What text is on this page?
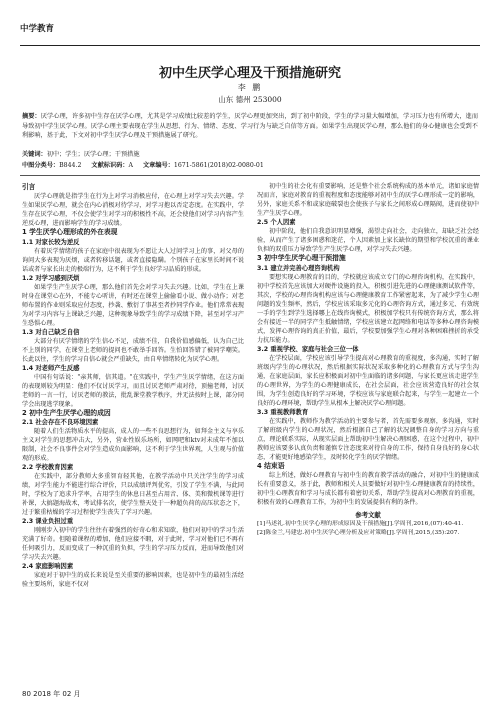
中学教育
初中生厌学心理及干预措施研究
李 鹏
山东 德州 253000
摘要：厌学心理，许多初中生存在厌学心理，尤其是学习成绩比较差的学生，厌学心理更加突出，到了初中阶段，学生的学习量大幅增加，学习压力也有所增大，進而导致初中学生厌学心理。厌学心理主要表现在学生从思想、行为、情绪、态度、学习行为与缺乏自信等方面。如果学生出现厌学心理，那么他们的身心健康也会受到不利影响，基于此，下文对初中学生厌学心理及干预措施展了研究。
关键词：初中；学生；厌学心理；干预措施
中图分类号：B844.2 文献标识码：A 文章编号：1671-5861(2018)02-0080-01
引言

厌学心理就是指学生在行为上对学习消极应付，在心理上对学习失去兴趣。学生如果厌学心理，就会在内心消极对待学习，对学习抱以否定态度。在实践中，学生存在厌学心理，不仅会使学生对学习的积极性不高，还会使他们对学习内容产生逆反心理，进而影响学生的学习成绩。

1 学生厌学心理形成的外在表现
1.1 对家长较为逆反

有着厌学情绪的孩子在家庭中很表现为不愿让大人过问学习上的事，对父母的询问大多表现为厌烦，或者转移话题，或者直接隐瞒。个别孩子在家里长时间不说话或者与家长出走的极端行为，这不利于学生良好学习品质的形成。

1.2 对学习感到厌烦

如果学生产生厌学心理，那么他们首先会对学习失去兴趣。比如，学生在上课时身在课堂心在外，不能专心听讲，有时还在课堂上偷偷看小说、做小动作；对老师布置的作业则采取应付态度，抄袭、敷衍了事甚至者抄同学作业。他们常常表现为对学习内容与上课缺乏兴趣，这种现象导致学生的学习成绩下降，甚至对学习产生恐惧心理。

1.3 对自己缺乏自信

大部分有厌学情绪的学生信心不足，成绩不佳，自我价值感偏低，认为自己比不上别的同学，在课堂上老师的提问也不敢举手回答。生怕回答错了被同学嘲笑。长此以往，学生的学习自信心就会严重缺失，由自卑情绪转化为厌学心理。

1.4 对老师产生反感

中国有句话说："亲其师，信其道。"在实践中，学生产生厌学情绪，在这方面的表现则较为明显：他们不仅讨厌学习，而且讨厌老师严肃对待，顶撞老师，讨厌老师的一言一行，讨厌老师的教法，批乱课堂教学秩序，并无法按时上课，部分同学会出现逃学现象。

2 初中生产生厌学心理的成因
2.1 社会存在不良环境因素

随着人们生活物质水平的提高，成人的一些不良思想行为，如拜金主义与享乐主义对学生的思想冲击大，另外，营业性娱乐场所，如网吧和ktv对未成年不加以限制，社会不良事件会对学生造成负面影响，这不利于学生世界观，人生观与价值观的形成。

2.2 学校教育因素

在实践中，部分教师大多重智育轻其他，在教学活动中只关注学生的学习成绩，对学生能力不能进行综合评价，只以成绩评判优劣，引发了学生不满，与此同时，学校为了追求升学率，占用学生的休息日甚至占用音、体、美和微机课等进行补课，大搞题海战术，考试排名次，使学生整天处于一种超负荷的高压状态之下，过于繁重枯燥的学习过程使学生丧失了学习兴趣。

2.3 课业负担过重

刚刚步入初中的学生往往有着强烈的好奇心和求知欲，他们对初中的学习生活充满了好奇。但随着课程的增加，他们应接不暇，对于此时，学习对他们已不再有任何吸引力，反而变成了一种沉重的负担，学生的学习压力反而，进而导致他们对学习失去兴趣。

2.4 家庭影响因素

家庭对于初中生的成长来说是至关重要的影响因素，也是初中生的最初生活经验主要场所，家庭不仅对

初中生的社会化有重要影响，还是整个社会系统构成的基本单元，诸如家庭情况而言，家庭对教育的重视程度和态度能够对初中生的厌学心理形成一定的影响，另外，家庭关系不和或家庭破裂也会使孩子与家长之间形成心理隔阂，进而使初中生产生厌学心理。

2.5 个人因素

初中阶段，他们自我意识明显增强，渴望走向社会，走向独立，却缺乏社会经验，从而产生了诸多困惑和迷茫，个人因素加上家长缺位的期望和学校沉重的课业负担的双重压力导致学生产生厌学心理，对学习失去兴趣。

3 初中学生厌学心理干预措施
3.1 建立并完善心理咨询机构

要想实现心理教育的目的，学校就应该成立专门的心理咨询机构，在实践中，初中学校首先应该加大对硬件设施的投入，积极引进先进的心理健康测试软件等，其次，学校的心理咨询机构应该与心理健康教育工作紧密起来，为了减少学生心理问题的发生频率，然后，学校应该采取多元化的心理咨询方式，通过多元、有效统一手的学生到学生选择哪上在线咨询模式，积极加学校只有传统咨询方式，那么将会有接近一半的同学产生抵触情绪，学校应该建立起网络和电话等多种心理咨询模式，发挥心理咨询的真正价值，最后，学校要加强学生心理对各种困难挫折的承受力抗压能力。

3.2 重视学校、家庭与社会三位一体

在学校层面，学校应该引导学生提高对心理教育的重视度，多沟通，实时了解班级内学生的心理状况，然后根据实际状况采取多种化的心理教育方式与学生沟通，在家庭层面，家长应积极面对初中生面临的诸多问题，与家长更应该走进学生的心理世界，为学生的心理健康成长，在社会层面，社会应该营造良好的社会氛围，为学生创造良好的学习环境，学校应该与家庭联合起来，与学生一起建立一个良好的心理环境，帮助学生从根本上解决厌学心理问题。

3.3 重视教师教育

在实践中，教师作为教学活动的主要参与者，首先需要多观察，多沟通，实时了解班级内学生的心理状况，然后根据自己了解的状况调整自身的学习方向与重点，理论联系实际，从现实层面上帮助初中生解决心理困惑，在这个过程中，初中教师应该要多认真负责和谨慎专注态度来对待自身的工作，保持自身良好的身心状态，才能更好地感染学生，及时转化学生的厌学情绪。

4 结束语

综上所述，做好心理教育与初中生的教育教学活动的融合，对初中生的健康成长有重要意义，基于此，教师和相关人员要做好对初中生心理健康教育的持续性，初中生心理教育和学习与成长都有着密切关系，帮助学生提高对心理教育的重视，积极有效的心理教育工作，为初中生的发展提供有利的条件。

参考文献
[1]马述礼.初中生厌学心理的形成原因及干预措施[J].学周刊,2016,(07):40-41.
[2]陈金兰,马建忠.初中生厌学心理分析及应对策略[J].学周刊,2015,(35):207.
80 2018 年 02 月
